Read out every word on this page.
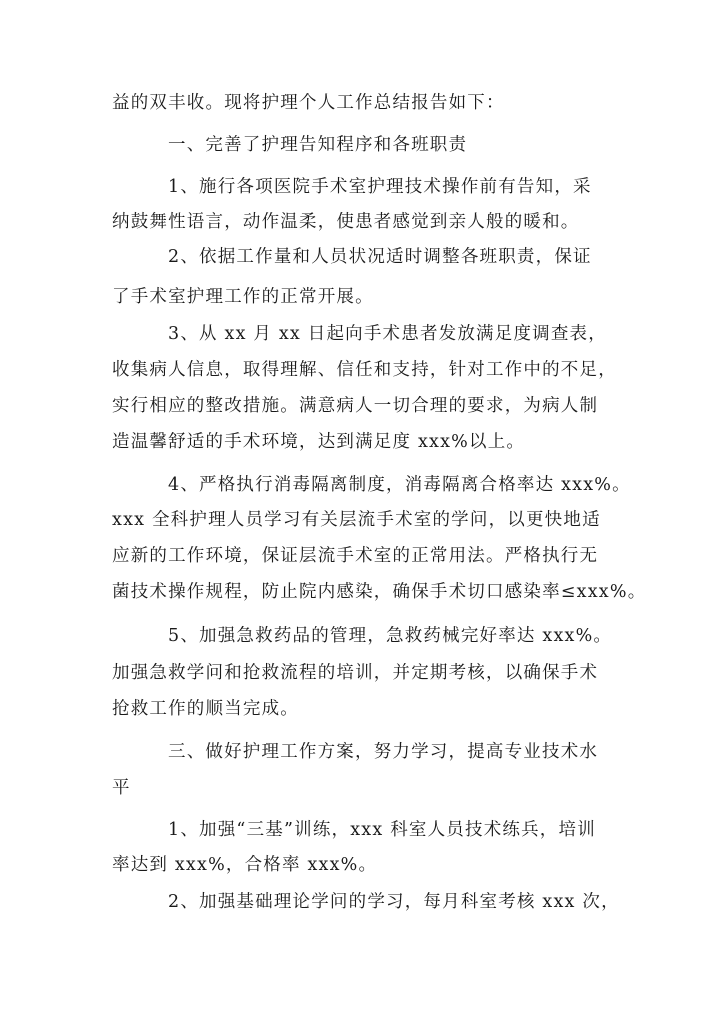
益的双丰收。现将护理个人工作总结报告如下：
一、完善了护理告知程序和各班职责
1、施行各项医院手术室护理技术操作前有告知，采
纳鼓舞性语言，动作温柔，使患者感觉到亲人般的暖和。
2、依据工作量和人员状况适时调整各班职责，保证
了手术室护理工作的正常开展。
3、从 xx 月 xx 日起向手术患者发放满足度调查表，
收集病人信息，取得理解、信任和支持，针对工作中的不足，
实行相应的整改措施。满意病人一切合理的要求，为病人制
造温馨舒适的手术环境，达到满足度 xxx%以上。
4、严格执行消毒隔离制度，消毒隔离合格率达 xxx%。
xxx 全科护理人员学习有关层流手术室的学问，以更快地适
应新的工作环境，保证层流手术室的正常用法。严格执行无
菌技术操作规程，防止院内感染，确保手术切口感染率≤xxx%。
5、加强急救药品的管理，急救药械完好率达 xxx%。
加强急救学问和抢救流程的培训，并定期考核，以确保手术
抢救工作的顺当完成。
三、做好护理工作方案，努力学习，提高专业技术水
平
1、加强“三基”训练，xxx 科室人员技术练兵，培训
率达到 xxx%，合格率 xxx%。
2、加强基础理论学问的学习，每月科室考核 xxx 次，
